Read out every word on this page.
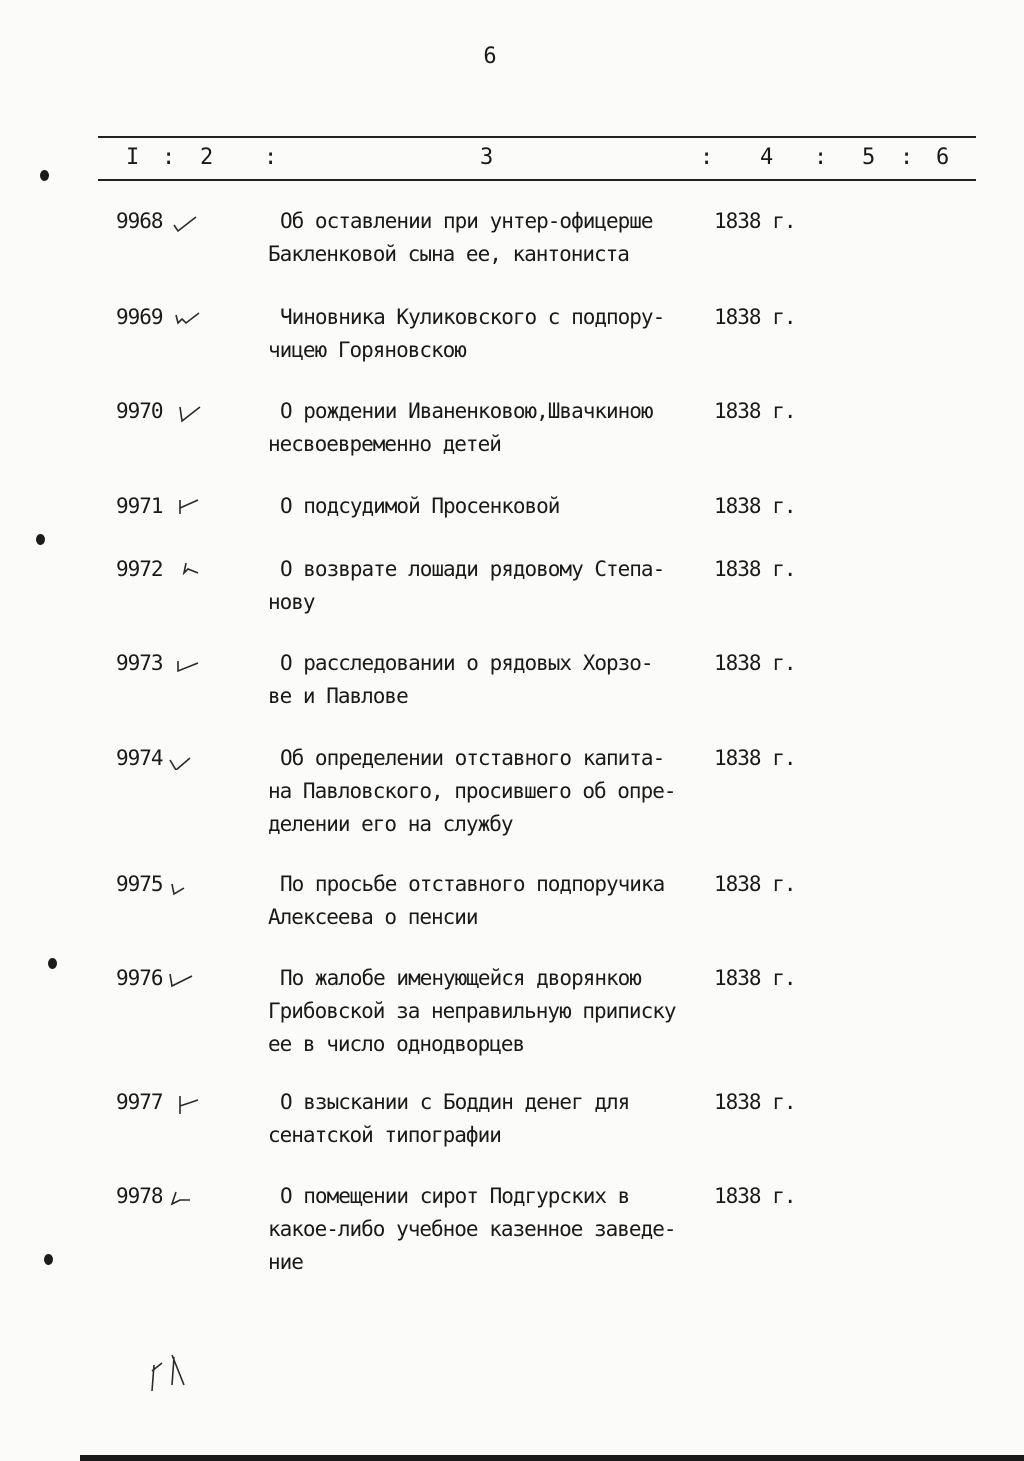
6
I : 2 :	3	: 4 : 5 : 6
9968	Об оставлении при унтер-офицерше
Бакленковой сына ее, кантониста
1838 г.
9969	Чиновника Куликовского с подпору-
чицею Горяновскою
1838 г.
9970	О рождении Иваненковою,Швачкиною
несвоевременно детей
1838 г.
9971	О подсудимой Просенковой	1838 г.
9972	О возврате лошади рядовому Степа-
нову
1838 г.
9973	О расследовании о рядовых Хорзо-
ве и Павлове
1838 г.
9974	Об определении отставного капита-
на Павловского, просившего об опре-
делении его на службу
1838 г.
9975	По просьбе отставного подпоручика
Алексеева о пенсии
1838 г.
9976	По жалобе именующейся дворянкою
Грибовской за неправильную приписку
ее в число однодворцев
1838 г.
9977	О взыскании с Боддин денег для
сенатской типографии
1838 г.
9978	О помещении сирот Подгурских в
какое-либо учебное казенное заведе-
ние
1838 г.
